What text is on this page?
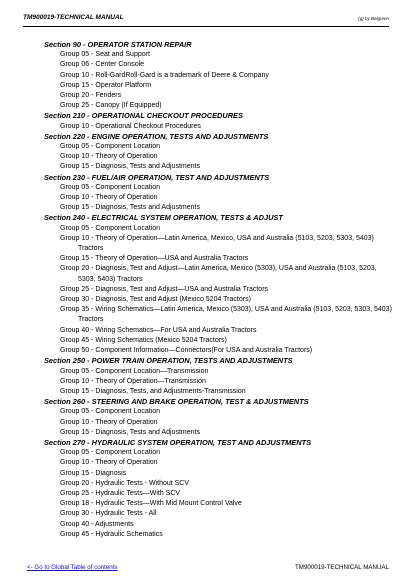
TM900019-TECHNICAL MANUAL	(g) by Belgreen
Section 90 - OPERATOR STATION REPAIR
Group 05 - Seat and Support
Group 06 - Center Console
Group 10 - Roll-GardRoll-Gard is a trademark of Deere & Company
Group 15 - Operator Platform
Group 20 - Fenders
Group 25 - Canopy (If Equipped)
Section 210 - OPERATIONAL CHECKOUT PROCEDURES
Group 10 - Operational Checkout Procedures
Section 220 - ENGINE OPERATION, TESTS AND ADJUSTMENTS
Group 05 - Component Location
Group 10 - Theory of Operation
Group 15 - Diagnosis, Tests and Adjustments
Section 230 - FUEL/AIR OPERATION, TEST AND ADJUSTMENTS
Group 05 - Component Location
Group 10 - Theory of Operation
Group 15 - Diagnosis, Tests and Adjustments
Section 240 - ELECTRICAL SYSTEM OPERATION, TESTS & ADJUST
Group 05 - Component Location
Group 10 - Theory of Operation—Latin America, Mexico, USA and Australia (5103, 5203, 5303, 5403) Tractors
Group 15 - Theory of Operation—USA and Australia Tractors
Group 20 - Diagnosis, Test and Adjust—Latin America, Mexico (5303), USA and Australia (5103, 5203, 5303, 5403) Tractors
Group 25 - Diagnosis, Test and Adjust—USA and Australia Tractors
Group 30 - Diagnosis, Test and Adjust (Mexico 5204 Tractors)
Group 35 - Wiring Schematics—Latin America, Mexico (5303), USA and Australia (5103, 5203, 5303, 5403) Tractors
Group 40 - Wiring Schematics—For USA and Australia Tractors
Group 45 - Wiring Schematics (Mexico 5204 Tractors)
Group 50 - Component Information—Connectors(For USA and Australia Tractors)
Section 250 - POWER TRAIN OPERATION, TESTS AND ADJUSTMENTS
Group 05 - Component Location—Transmission
Group 10 - Theory of Operation—Transmission
Group 15 - Diagnosis, Tests, and Adjustments-Transmission
Section 260 - STEERING AND BRAKE OPERATION, TEST & ADJUSTMENTS
Group 05 - Component Location
Group 10 - Theory of Operation
Group 15 - Diagnosis, Tests and Adjustments
Section 270 - HYDRAULIC SYSTEM OPERATION, TEST AND ADJUSTMENTS
Group 05 - Component Location
Group 10 - Theory of Operation
Group 15 - Diagnosis
Group 20 - Hydraulic Tests - Without SCV
Group 25 - Hydraulic Tests—With SCV
Group 18 - Hydraulic Tests—With Mid Mount Control Valve
Group 30 - Hydraulic Tests - All
Group 40 - Adjustments
Group 45 - Hydraulic Schematics
<- Go to Global Table of contents	TM900019-TECHNICAL MANUAL
